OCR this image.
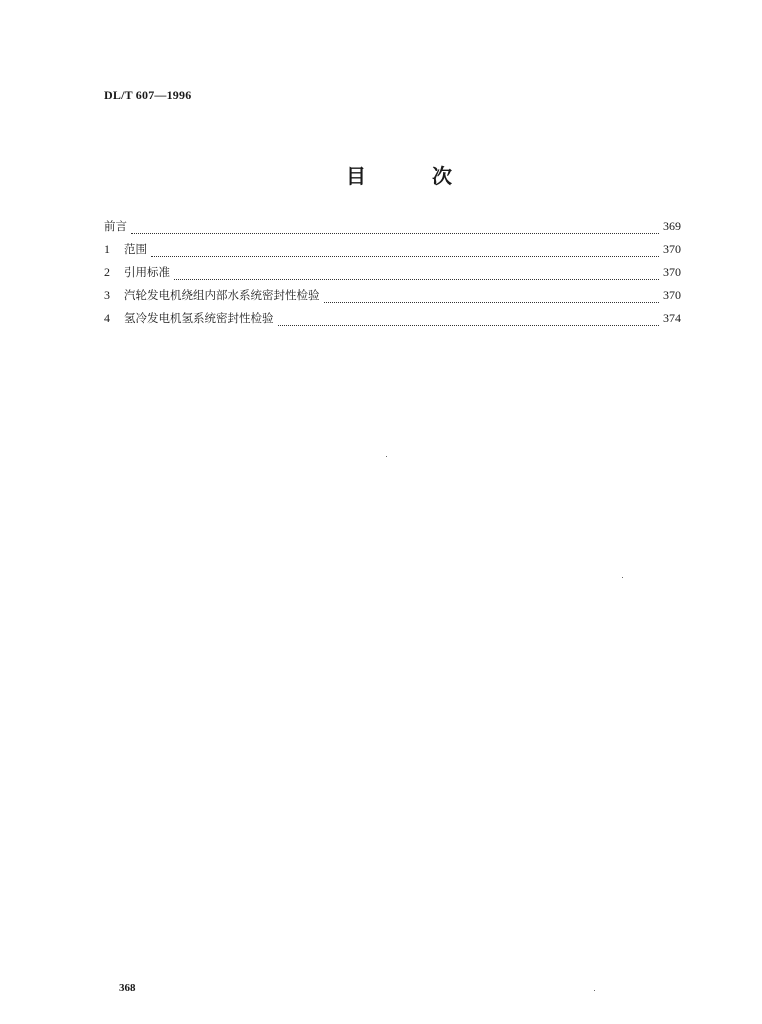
DL/T 607—1996
目	次
前言	369
1	范围	370
2	引用标准	370
3	汽轮发电机绕组内部水系统密封性检验	370
4	氢冷发电机氢系统密封性检验	374
368
